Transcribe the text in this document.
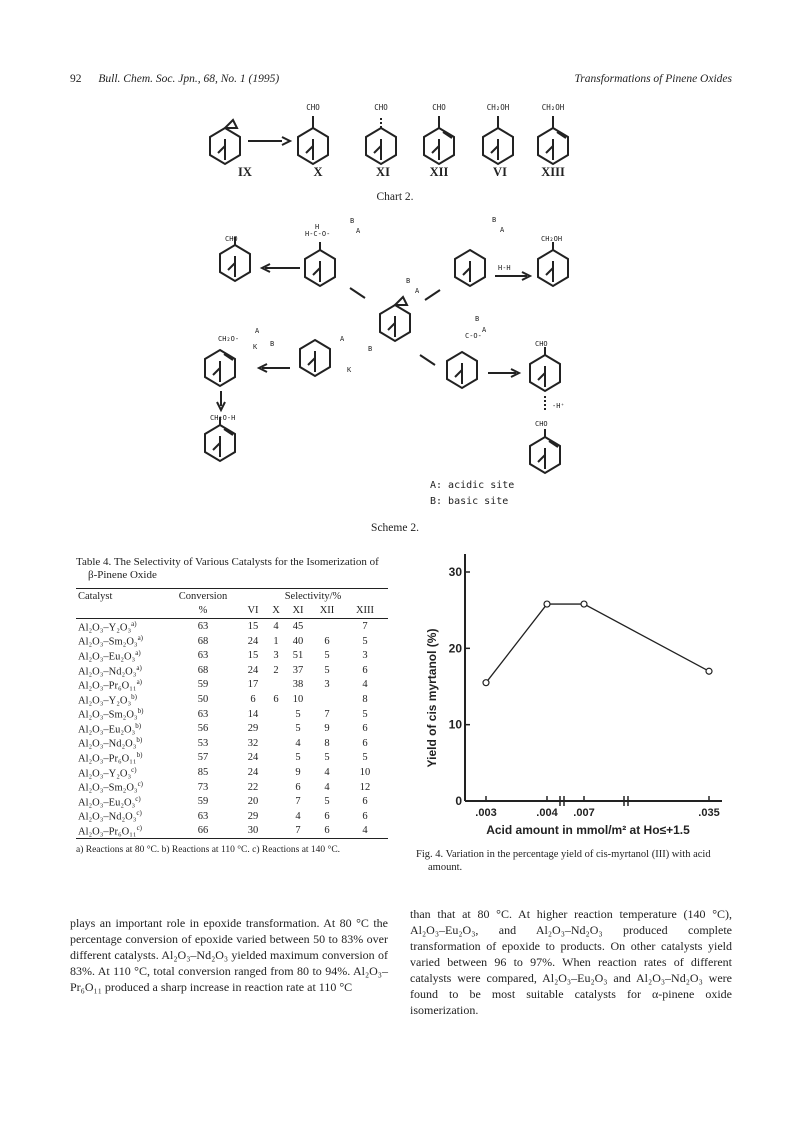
92 Bull. Chem. Soc. Jpn., 68, No. 1 (1995)	Transformations of Pinene Oxides
CHO	CHO	CHO	CH₂OH	CH₂OH
IX	X	XI	XII	VI	XIII
Chart 2.
CHO
H-C-O-
H
B
A
B
A
B
A
CH₂OH
H-H
CH₂O-
A
B
K
A
B
K
CH₂O-H
C-O-
B
A
CHO
-H⁺
CHO
A: acidic site
B: basic site
Scheme 2.
Table 4. The Selectivity of Various Catalysts for the Isomerization of β-Pinene Oxide
Catalyst	Conversion	Selectivity/%				
	%	VI	X	XI	XII	XIII
Al₂O₃–Y₂O₃$^{a)}$	63	15	4	45		7
Al₂O₃–Sm₂O₃$^{a)}$	68	24	1	40	6	5
Al₂O₃–Eu₂O₃$^{a)}$	63	15	3	51	5	3
Al₂O₃–Nd₂O₃$^{a)}$	68	24	2	37	5	6
Al₂O₃–Pr₆O₁₁$^{a)}$	59	17		38	3	4
Al₂O₃–Y₂O₃$^{b)}$	50	6	6	10		8
Al₂O₃–Sm₂O₃$^{b)}$	63	14		5	7	5
Al₂O₃–Eu₂O₃$^{b)}$	56	29		5	9	6
Al₂O₃–Nd₂O₃$^{b)}$	53	32		4	8	6
Al₂O₃–Pr₆O₁₁$^{b)}$	57	24		5	5	5
Al₂O₃–Y₂O₃$^{c)}$	85	24		9	4	10
Al₂O₃–Sm₂O₃$^{c)}$	73	22		6	4	12
Al₂O₃–Eu₂O₃$^{c)}$	59	20		7	5	6
Al₂O₃–Nd₂O₃$^{c)}$	63	29		4	6	6
Al₂O₃–Pr₆O₁₁$^{c)}$	66	30		7	6	4
a) Reactions at 80 °C. b) Reactions at 110 °C. c) Reactions at 140 °C.
0
10
20
30
.003	.004 .007	.035
Yield of cis myrtanol (%)
Acid amount in mmol/m² at Ho≤+1.5
Fig. 4. Variation in the percentage yield of cis-myrtanol (III) with acid amount.
plays an important role in epoxide transformation. At 80 °C the percentage conversion of epoxide varied between 50 to 83% over different catalysts. Al₂O₃–Nd₂O₃ yielded maximum conversion of 83%. At 110 °C, total conversion ranged from 80 to 94%. Al₂O₃–Pr₆O₁₁ produced a sharp increase in reaction rate at 110 °C
than that at 80 °C. At higher reaction temperature (140 °C), Al₂O₃–Eu₂O₃, and Al₂O₃–Nd₂O₃ produced complete transformation of epoxide to products. On other catalysts yield varied between 96 to 97%. When reaction rates of different catalysts were compared, Al₂O₃–Eu₂O₃ and Al₂O₃–Nd₂O₃ were found to be most suitable catalysts for α-pinene oxide isomerization.
